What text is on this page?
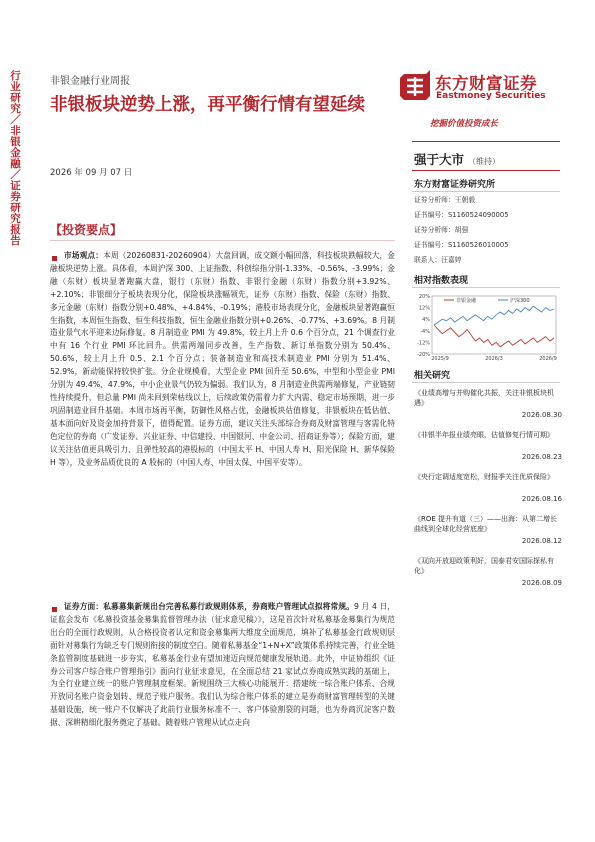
行业研究／非银金融／证券研究报告	非银金融行业周报
非银板块逆势上涨，再平衡行情有望延续
2026 年 09 月 07 日
东方财富证券
Eastmoney Securities
挖掘价值投资成长
强于大市 （维持）
东方财富证券研究所
证券分析师：王朝毅
证书编号：S1160524090005
证券分析师：胡强
证书编号：S1160526010005
联系人：汪嘉婷
相对指数表现
20%
12%
4%
-4%
-12%
-20%
2025/9	2026/3	2026/9
非银金融	沪深300
相关研究
《业绩高增与并购催化共振，关注非银板块机遇》
2026.08.30
《非银半年报业绩亮眼，估值修复行情可期》
2026.08.23
《央行定调适度宽松，财报季关注优质保险》
2026.08.16
《ROE 提升有道（三）——出海：从第二增长曲线到全球化经营底座》
2026.08.12
《双向开放迎政策利好，国泰君安国际探私有化》
2026.08.09
【投资要点】
市场观点：本周（20260831-20260904）大盘回调，成交额小幅回落，科技板块跌幅较大，金融板块逆势上涨。具体看，本周沪深 300、上证指数、科创综指分别-1.33%、-0.56%、-3.99%；金融（东财）板块显著跑赢大盘，银行（东财）指数、非银行金融（东财）指数分别+3.92%、+2.10%；非银细分子板块表现分化，保险板块涨幅领先，证券（东财）指数、保险（东财）指数、多元金融（东财）指数分别+0.48%、+4.84%、-0.19%；港股市场表现分化，金融板块显著跑赢恒生指数，本周恒生指数、恒生科技指数、恒生金融业指数分别+0.26%、-0.77%、+3.69%。8 月制造业景气水平迎来边际修复。8 月制造业 PMI 为 49.8%，较上月上升 0.6 个百分点，21 个调查行业中有 16 个行业 PMI 环比回升。供需两端同步改善，生产指数、新订单指数分别为 50.4%、50.6%，较上月上升 0.5、2.1 个百分点；装备制造业和高技术制造业 PMI 分别为 51.4%、52.9%，新动能保持较快扩张。分企业规模看，大型企业 PMI 回升至 50.6%，中型和小型企业 PMI 分别为 49.4%、47.9%，中小企业景气仍较为偏弱。我们认为，8 月制造业供需两端修复，产业链韧性持续提升，但总量 PMI 尚未回到荣枯线以上，后续政策仍需着力扩大内需、稳定市场预期，进一步巩固制造业回升基础。本周市场再平衡，防御性风格占优，金融板块估值修复，非银板块在低估值、基本面向好及资金加持背景下，值得配置。证券方面，建议关注头部综合券商及财富管理与客需化特色定位的券商（广发证券、兴业证券、中信建投、中国银河、中金公司、招商证券等）；保险方面，建议关注估值更具吸引力、且弹性较高的港股标的（中国太平 H、中国人寿 H、阳光保险 H、新华保险 H 等），及业务品质优良的 A 股标的（中国人寿、中国太保、中国平安等）。
证券方面：私募募集新规出台完善私募行政规则体系，券商账户管理试点拟将常规。9 月 4 日，证监会发布《私募投资基金募集监督管理办法（征求意见稿）》，这是首次针对私募基金募集行为规范出台的全面行政规则，从合格投资者认定和资金募集两大维度全面规范，填补了私募基金行政规则层面针对募集行为缺乏专门规则衔接的制度空白。随着私募基金“1+N+X”政策体系持续完善，行业全链条监管制度基础进一步夯实，私募基金行业有望加速迈向规范健康发展轨道。此外，中证协组织《证券公司客户综合账户管理指引》面向行业征求意见，在全面总结 21 家试点券商成熟实践的基础上，为全行业建立统一的账户管理制度框架。新规围绕三大核心功能展开：搭建统一综合账户体系、合规开放同名账户资金划转、规范子账户服务。我们认为综合账户体系的建立是券商财富管理转型的关键基础设施，统一账户不仅解决了此前行业服务标准不一、客户体验割裂的问题，也为券商沉淀客户数据、深耕精细化服务奠定了基础。随着账户管理从试点走向
